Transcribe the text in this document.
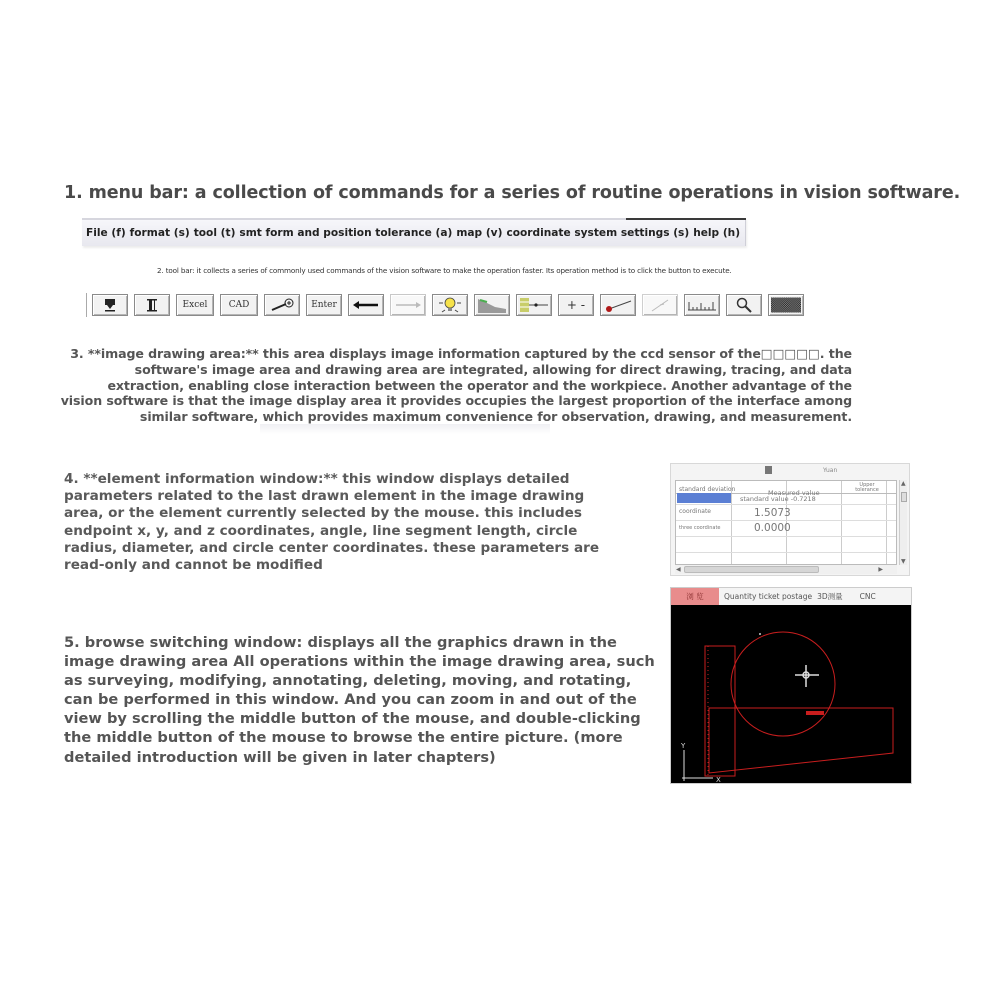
1. menu bar: a collection of commands for a series of routine operations in vision software.
File (f) format (s) tool (t) smt form and position tolerance (a) map (v) coordinate system settings (s) help (h)
2. tool bar: it collects a series of commonly used commands of the vision software to make the operation faster. Its operation method is to click the button to execute.
Excel CAD	Enter	+ -
3. **image drawing area:** this area displays image information captured by the ccd sensor of the□□□□□. the
software's image area and drawing area are integrated, allowing for direct drawing, tracing, and data
extraction, enabling close interaction between the operator and the workpiece. Another advantage of the
vision software is that the image display area it provides occupies the largest proportion of the interface among
similar software, which provides maximum convenience for observation, drawing, and measurement.
4. **element information window:** this window displays detailed parameters related to the last drawn element in the image drawing area, or the element currently selected by the mouse. this includes endpoint x, y, and z coordinates, angle, line segment length, circle radius, diameter, and circle center coordinates. these parameters are read-only and cannot be modified
Yuan
standard deviation	Measured value
Upper tolerance
standard value -0.7218
coordinate	1.5073
three coordinate	0.0000
▲
▼
◀	▶
5. browse switching window: displays all the graphics drawn in the image drawing area All operations within the image drawing area, such as surveying, modifying, annotating, deleting, moving, and rotating, can be performed in this window. And you can zoom in and out of the view by scrolling the middle button of the mouse, and double-clicking the middle button of the mouse to browse the entire picture. (more detailed introduction will be given in later chapters)
浏 览	Quantity ticket postage 3D测量	CNC
Y
X
